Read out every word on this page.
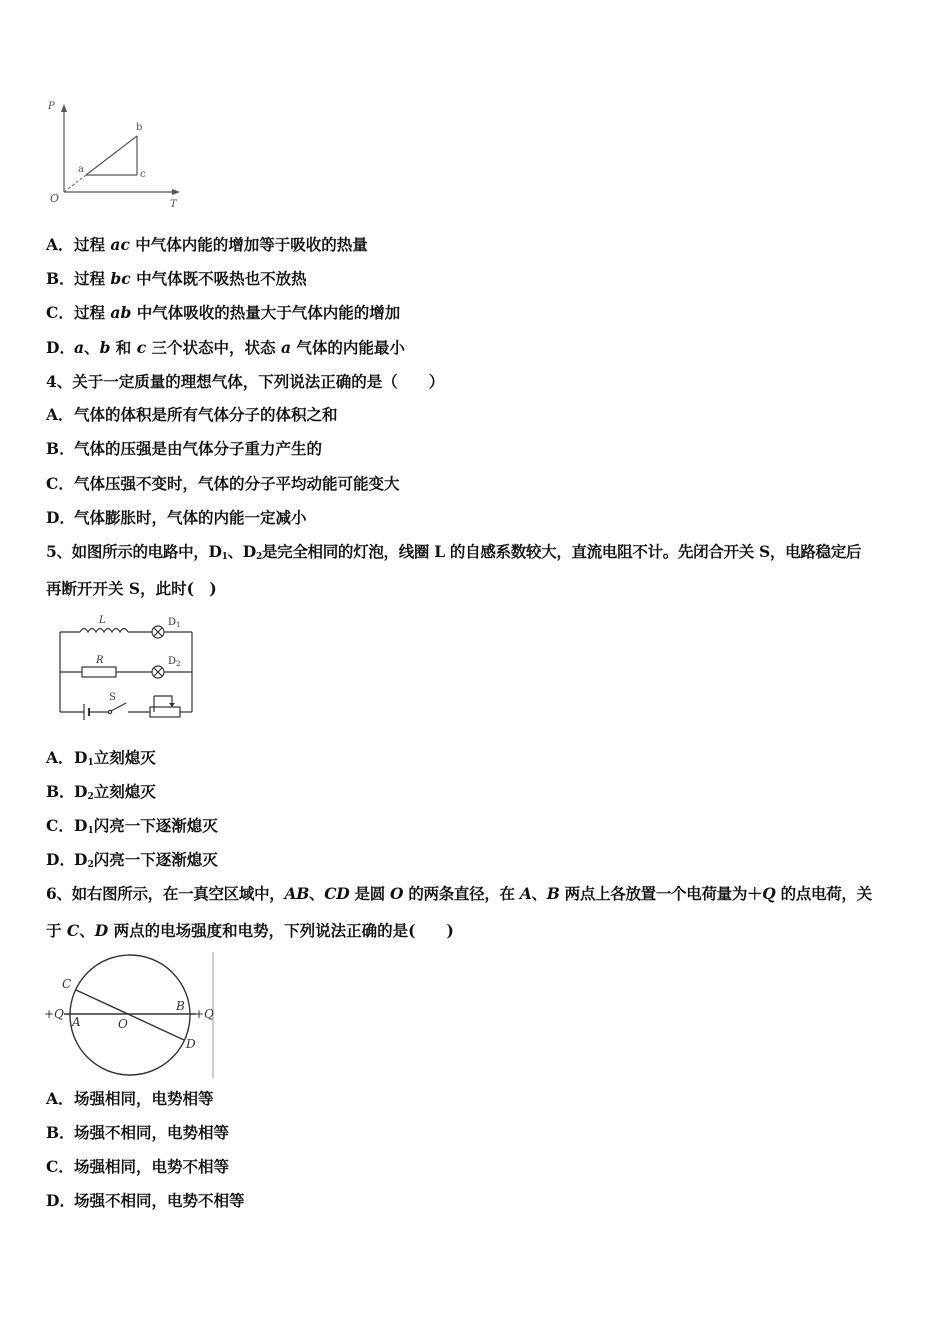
P
T
O
a
b
c
A．过程 ac 中气体内能的增加等于吸收的热量
B．过程 bc 中气体既不吸热也不放热
C．过程 ab 中气体吸收的热量大于气体内能的增加
D．a、b 和 c 三个状态中，状态 a 气体的内能最小
4、关于一定质量的理想气体，下列说法正确的是（　　）
A．气体的体积是所有气体分子的体积之和
B．气体的压强是由气体分子重力产生的
C．气体压强不变时，气体的分子平均动能可能变大
D．气体膨胀时，气体的内能一定减小
5、如图所示的电路中，$D_1$、$D_2$是完全相同的灯泡，线圈 L 的自感系数较大，直流电阻不计。先闭合开关 S，电路稳定后
再断开开关 S，此时(　)
L	$D_1$
R	$D_2$
S
A．$D_1$立刻熄灭
B．$D_2$立刻熄灭
C．$D_1$闪亮一下逐渐熄灭
D．$D_2$闪亮一下逐渐熄灭
6、如右图所示，在一真空区域中，AB、CD 是圆 O 的两条直径，在 A、B 两点上各放置一个电荷量为＋Q 的点电荷，关
于 C、D 两点的电场强度和电势，下列说法正确的是(　　)
C
D
O
A
B
+Q	+Q
A．场强相同，电势相等
B．场强不相同，电势相等
C．场强相同，电势不相等
D．场强不相同，电势不相等
